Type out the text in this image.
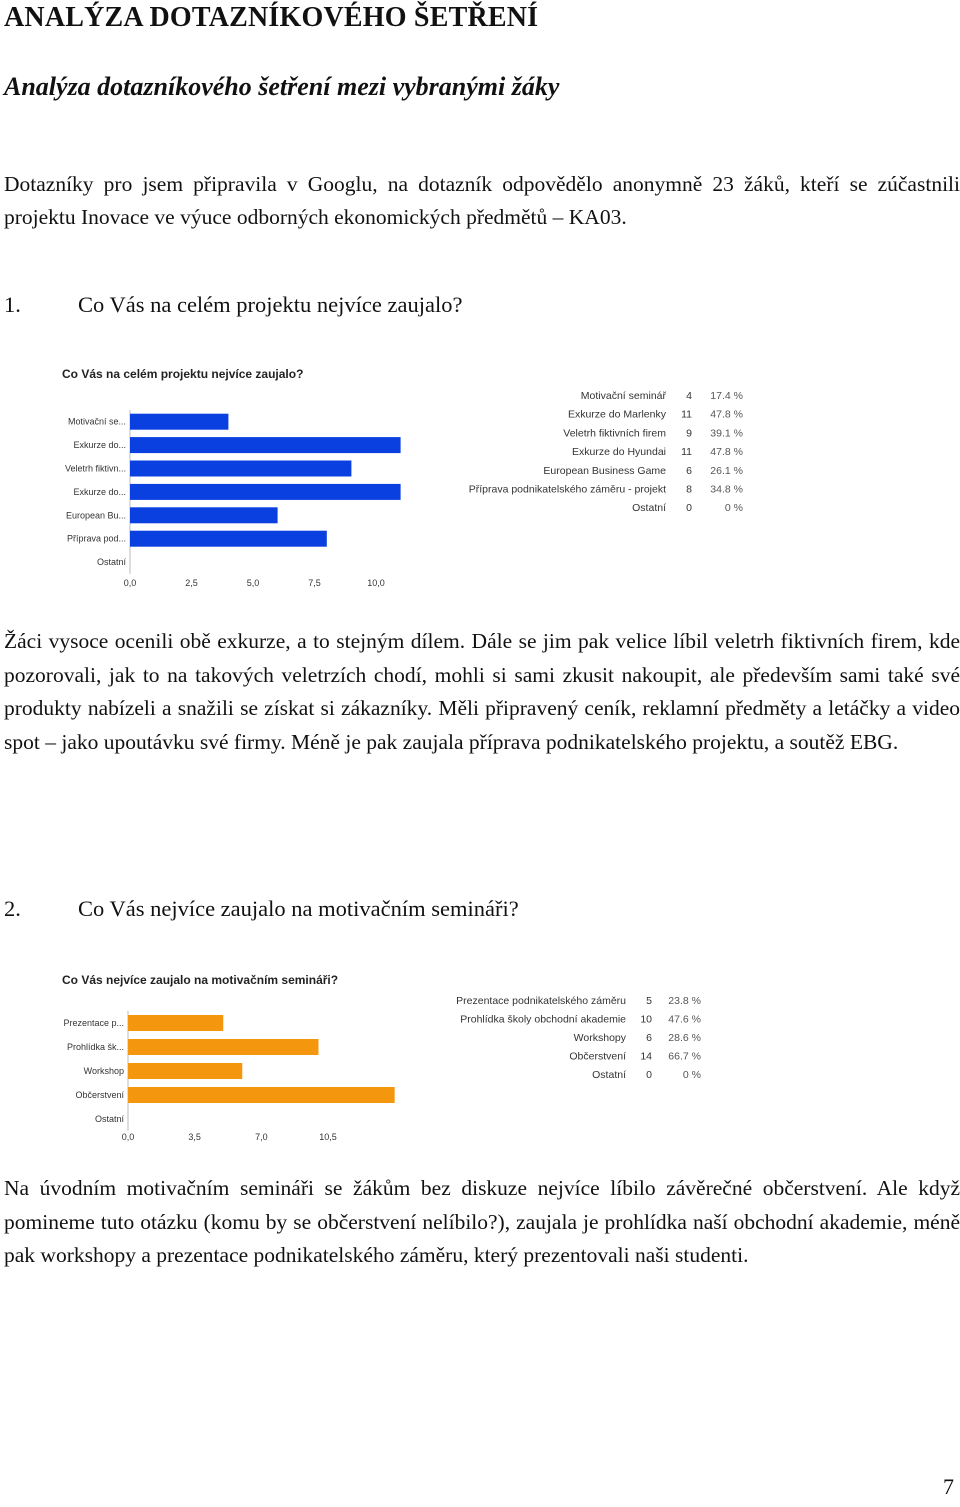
ANALÝZA DOTAZNÍKOVÉHO ŠETŘENÍ
Analýza dotazníkového šetření mezi vybranými žáky
Dotazníky pro jsem připravila v Googlu, na dotazník odpovědělo anonymně 23 žáků, kteří se zúčastnili projektu Inovace ve výuce odborných ekonomických předmětů – KA03.
1.	Co Vás na celém projektu nejvíce zaujalo?
Co Vás na celém projektu nejvíce zaujalo?
Motivační se...
Exkurze do...
Veletrh fiktivn...
Exkurze do...
European Bu...
Příprava pod...
Ostatní
0,0	2,5	5,0	7,5	10,0
Motivační seminář 4 17.4 %
Exkurze do Marlenky 11 47.8 %
Veletrh fiktivních firem 9 39.1 %
Exkurze do Hyundai 11 47.8 %
European Business Game 6 26.1 %
Příprava podnikatelského záměru - projekt 8 34.8 %
Ostatní 0	0 %
Žáci vysoce ocenili obě exkurze, a to stejným dílem. Dále se jim pak velice líbil veletrh fiktivních firem, kde pozorovali, jak to na takových veletrzích chodí, mohli si sami zkusit nakoupit, ale především sami také své produkty nabízeli a snažili se získat si zákazníky. Měli připravený ceník, reklamní předměty a letáčky a video spot – jako upoutávku své firmy. Méně je pak zaujala příprava podnikatelského projektu, a soutěž EBG.
2.	Co Vás nejvíce zaujalo na motivačním semináři?
Co Vás nejvíce zaujalo na motivačním semináři?
Prezentace p...
Prohlídka šk...
Workshop
Občerstvení
Ostatní
0,0	3,5	7,0	10,5
Prezentace podnikatelského záměru 5 23.8 %
Prohlídka školy obchodní akademie 10 47.6 %
Workshopy 6 28.6 %
Občerstvení 14 66.7 %
Ostatní 0	0 %
Na úvodním motivačním semináři se žákům bez diskuze nejvíce líbilo závěrečné občerstvení. Ale když pomineme tuto otázku (komu by se občerstvení nelíbilo?), zaujala je prohlídka naší obchodní akademie, méně pak workshopy a prezentace podnikatelského záměru, který prezentovali naši studenti.
7
